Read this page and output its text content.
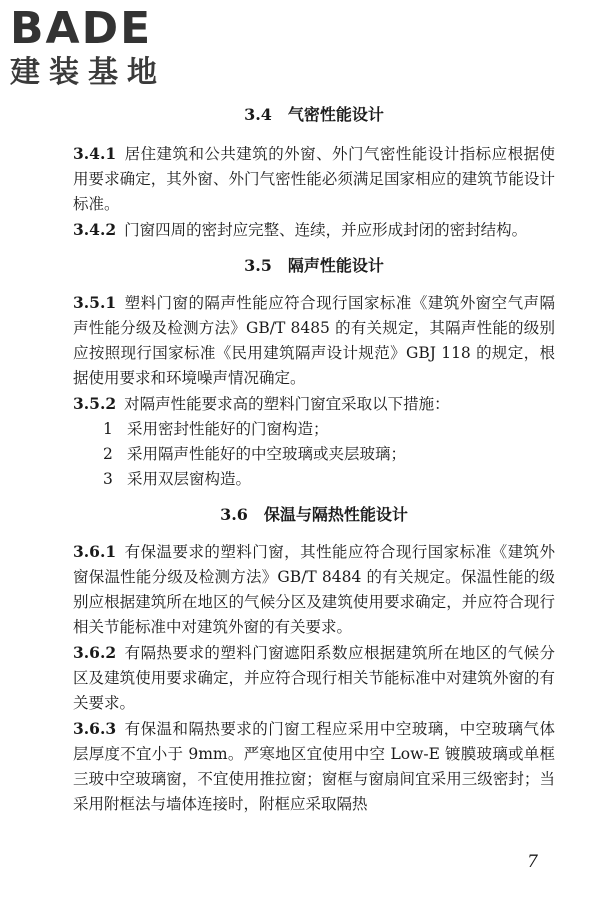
BADE
建装基地

3.4 气密性能设计

3.4.1 居住建筑和公共建筑的外窗、外门气密性能设计指标应根据使用要求确定，其外窗、外门气密性能必须满足国家相应的建筑节能设计标准。

3.4.2 门窗四周的密封应完整、连续，并应形成封闭的密封结构。

3.5 隔声性能设计

3.5.1 塑料门窗的隔声性能应符合现行国家标准《建筑外窗空气声隔声性能分级及检测方法》GB/T 8485 的有关规定，其隔声性能的级别应按照现行国家标准《民用建筑隔声设计规范》GBJ 118 的规定，根据使用要求和环境噪声情况确定。

3.5.2 对隔声性能要求高的塑料门窗宜采取以下措施：

1 采用密封性能好的门窗构造；

2 采用隔声性能好的中空玻璃或夹层玻璃；

3 采用双层窗构造。

3.6 保温与隔热性能设计

3.6.1 有保温要求的塑料门窗，其性能应符合现行国家标准《建筑外窗保温性能分级及检测方法》GB/T 8484 的有关规定。保温性能的级别应根据建筑所在地区的气候分区及建筑使用要求确定，并应符合现行相关节能标准中对建筑外窗的有关要求。

3.6.2 有隔热要求的塑料门窗遮阳系数应根据建筑所在地区的气候分区及建筑使用要求确定，并应符合现行相关节能标准中对建筑外窗的有关要求。

3.6.3 有保温和隔热要求的门窗工程应采用中空玻璃，中空玻璃气体层厚度不宜小于 9mm。严寒地区宜使用中空 Low-E 镀膜玻璃或单框三玻中空玻璃窗，不宜使用推拉窗；窗框与窗扇间宜采用三级密封；当采用附框法与墙体连接时，附框应采取隔热

7
